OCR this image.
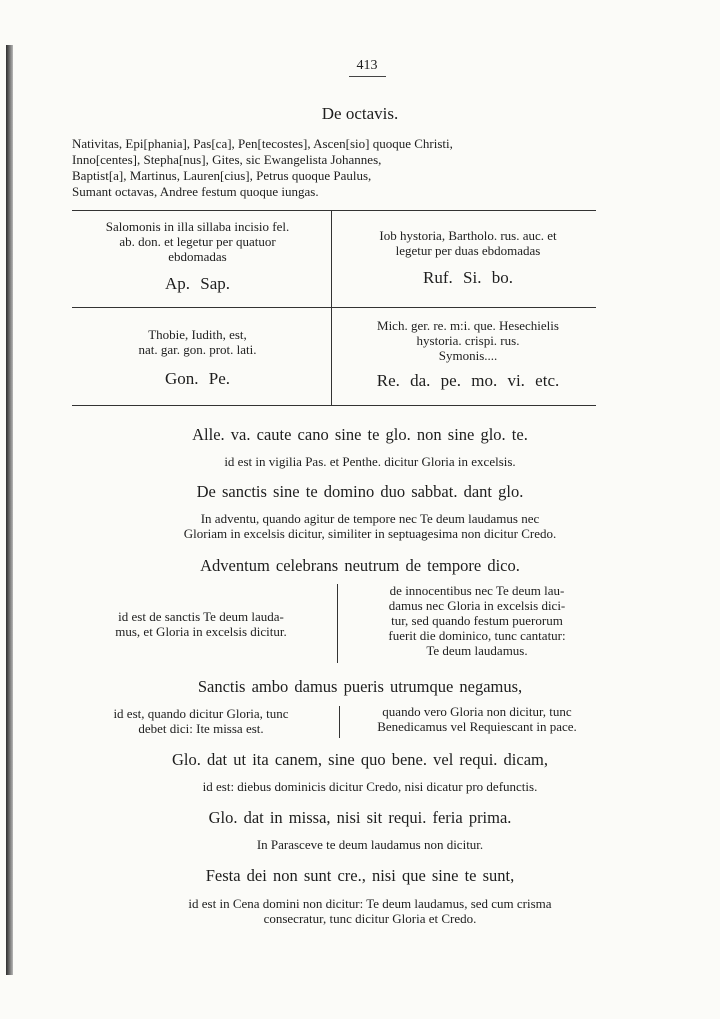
413
De octavis.
Nativitas, Epi[phania], Pas[ca], Pen[tecostes], Ascen[sio] quoque Christi,
Inno[centes], Stepha[nus], Gites, sic Ewangelista Johannes,
Baptist[a], Martinus, Lauren[cius], Petrus quoque Paulus,
Sumant octavas, Andree festum quoque iungas.
Salomonis in illa sillaba incisio fel.
ab. don. et legetur per quatuor
ebdomadas
Ap. Sap.
Iob hystoria, Bartholo. rus. auc. et
legetur per duas ebdomadas
Ruf. Si. bo.
Thobie, Iudith, est,
nat. gar. gon. prot. lati.
Gon. Pe.
Mich. ger. re. m:i. que. Hesechielis
hystoria. crispi. rus.
Symonis....
Re. da. pe. mo. vi. etc.
Alle. va. caute cano sine te glo. non sine glo. te.
id est in vigilia Pas. et Penthe. dicitur Gloria in excelsis.
De sanctis sine te domino duo sabbat. dant glo.
In adventu, quando agitur de tempore nec Te deum laudamus nec
Gloriam in excelsis dicitur, similiter in septuagesima non dicitur Credo.
Adventum celebrans neutrum de tempore dico.
id est de sanctis Te deum lauda-
mus, et Gloria in excelsis dicitur.
de innocentibus nec Te deum lau-
damus nec Gloria in excelsis dici-
tur, sed quando festum puerorum
fuerit die dominico, tunc cantatur:
Te deum laudamus.
Sanctis ambo damus pueris utrumque negamus,
id est, quando dicitur Gloria, tunc
debet dici: Ite missa est.
quando vero Gloria non dicitur, tunc
Benedicamus vel Requiescant in pace.
Glo. dat ut ita canem, sine quo bene. vel requi. dicam,
id est: diebus dominicis dicitur Credo, nisi dicatur pro defunctis.
Glo. dat in missa, nisi sit requi. feria prima.
In Parasceve te deum laudamus non dicitur.
Festa dei non sunt cre., nisi que sine te sunt,
id est in Cena domini non dicitur: Te deum laudamus, sed cum crisma
consecratur, tunc dicitur Gloria et Credo.
